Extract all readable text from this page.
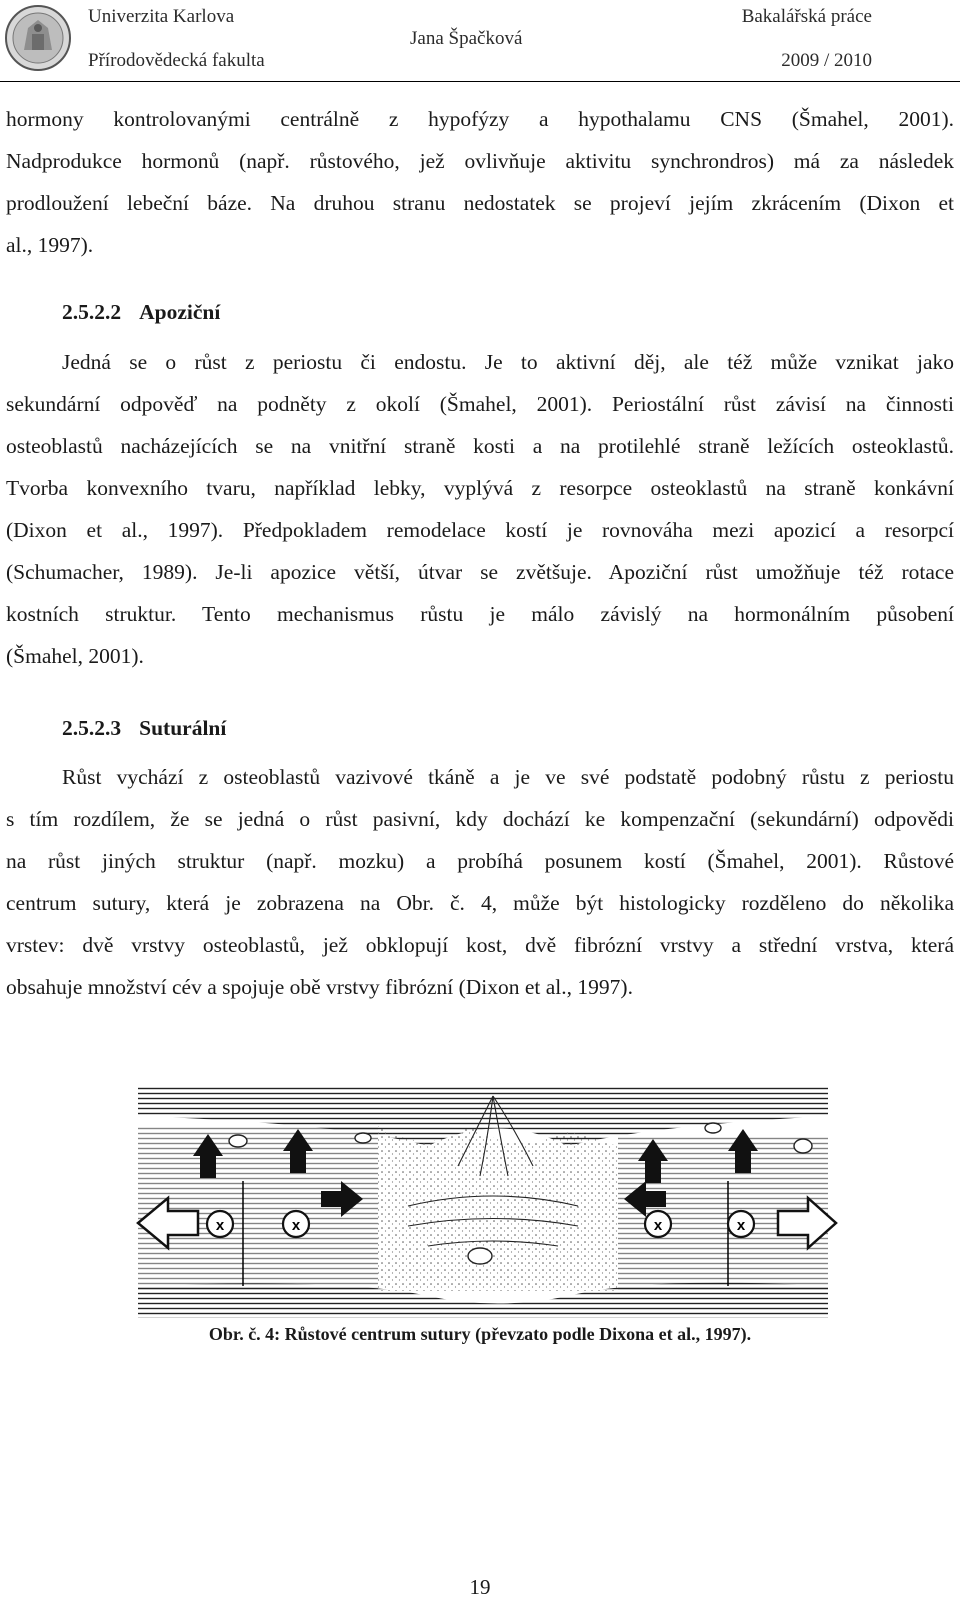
Univerzita Karlova
Přírodovědecká fakulta
Jana Špačková
Bakalářská práce
2009 / 2010
hormony kontrolovanými centrálně z hypofýzy a hypothalamu CNS (Šmahel, 2001).
Nadprodukce hormonů (např. růstového, jež ovlivňuje aktivitu synchrondros) má za následek
prodloužení lebeční báze. Na druhou stranu nedostatek se projeví jejím zkrácením (Dixon et
al., 1997).
2.5.2.2 Apoziční
Jedná se o růst z periostu či endostu. Je to aktivní děj, ale též může vznikat jako
sekundární odpověď na podněty z okolí (Šmahel, 2001). Periostální růst závisí na činnosti
osteoblastů nacházejících se na vnitřní straně kosti a na protilehlé straně ležících osteoklastů.
Tvorba konvexního tvaru, například lebky, vyplývá z resorpce osteoklastů na straně konkávní
(Dixon et al., 1997). Předpokladem remodelace kostí je rovnováha mezi apozicí a resorpcí
(Schumacher, 1989). Je-li apozice větší, útvar se zvětšuje. Apoziční růst umožňuje též rotace
kostních struktur. Tento mechanismus růstu je málo závislý na hormonálním působení
(Šmahel, 2001).
2.5.2.3 Suturální
Růst vychází z osteoblastů vazivové tkáně a je ve své podstatě podobný růstu z periostu
s tím rozdílem, že se jedná o růst pasivní, kdy dochází ke kompenzační (sekundární) odpovědi
na růst jiných struktur (např. mozku) a probíhá posunem kostí (Šmahel, 2001). Růstové
centrum sutury, která je zobrazena na Obr. č. 4, může být histologicky rozděleno do několika
vrstev: dvě vrstvy osteoblastů, jež obklopují kost, dvě fibrózní vrstvy a střední vrstva, která
obsahuje množství cév a spojuje obě vrstvy fibrózní (Dixon et al., 1997).
x	x	x	x
Obr. č. 4: Růstové centrum sutury (převzato podle Dixona et al., 1997).
19
